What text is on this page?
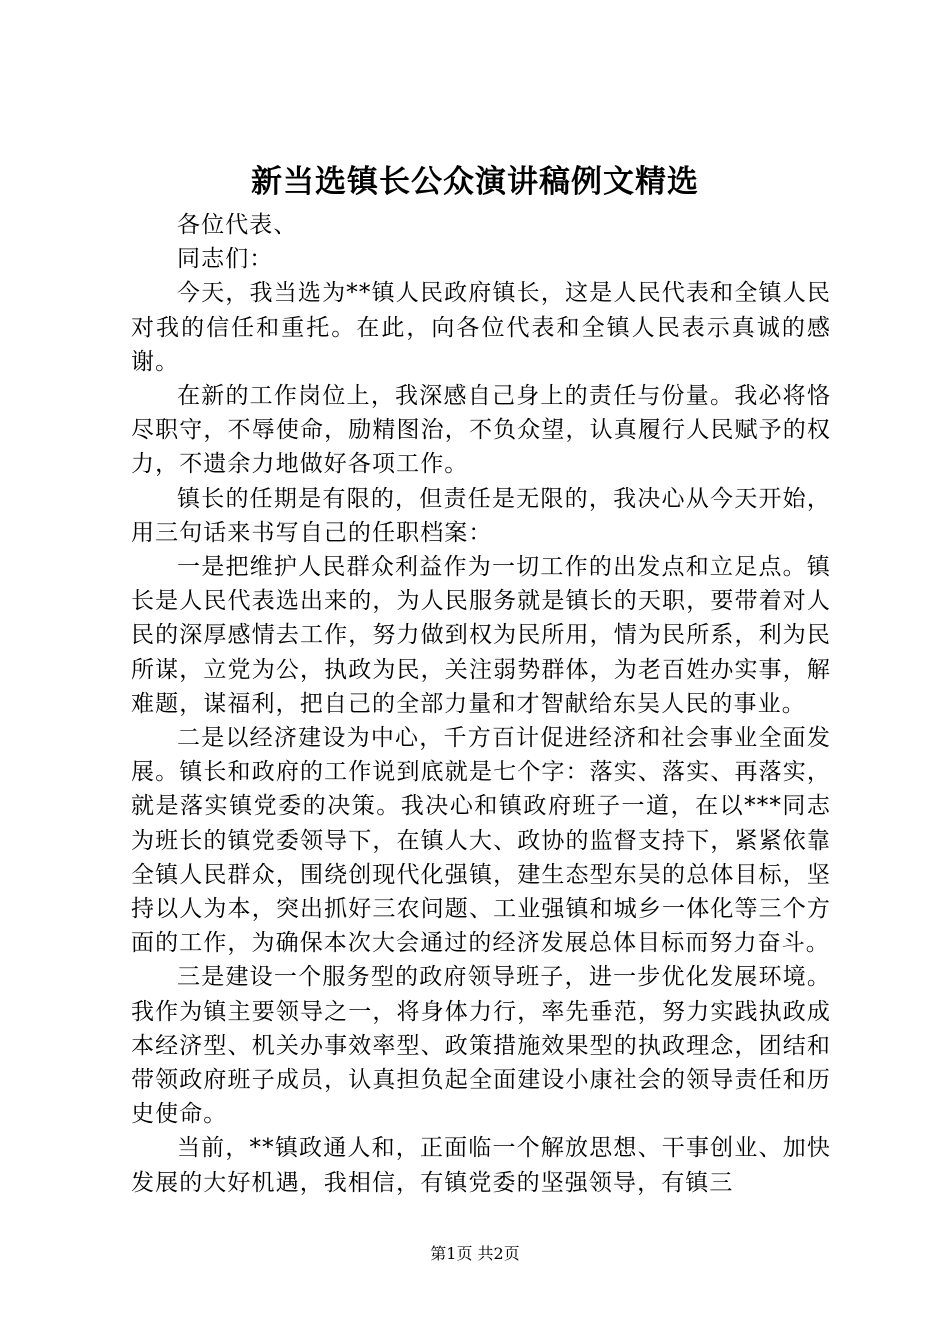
新当选镇长公众演讲稿例文精选

各位代表、

同志们：

今天，我当选为**镇人民政府镇长，这是人民代表和全镇人民对我的信任和重托。在此，向各位代表和全镇人民表示真诚的感谢。

在新的工作岗位上，我深感自己身上的责任与份量。我必将恪尽职守，不辱使命，励精图治，不负众望，认真履行人民赋予的权力，不遗余力地做好各项工作。

镇长的任期是有限的，但责任是无限的，我决心从今天开始，用三句话来书写自己的任职档案：

一是把维护人民群众利益作为一切工作的出发点和立足点。镇长是人民代表选出来的，为人民服务就是镇长的天职，要带着对人民的深厚感情去工作，努力做到权为民所用，情为民所系，利为民所谋，立党为公，执政为民，关注弱势群体，为老百姓办实事，解难题，谋福利，把自己的全部力量和才智献给东吴人民的事业。

二是以经济建设为中心，千方百计促进经济和社会事业全面发展。镇长和政府的工作说到底就是七个字：落实、落实、再落实，就是落实镇党委的决策。我决心和镇政府班子一道，在以***同志为班长的镇党委领导下，在镇人大、政协的监督支持下，紧紧依靠全镇人民群众，围绕创现代化强镇，建生态型东吴的总体目标，坚持以人为本，突出抓好三农问题、工业强镇和城乡一体化等三个方面的工作，为确保本次大会通过的经济发展总体目标而努力奋斗。

三是建设一个服务型的政府领导班子，进一步优化发展环境。我作为镇主要领导之一，将身体力行，率先垂范，努力实践执政成本经济型、机关办事效率型、政策措施效果型的执政理念，团结和带领政府班子成员，认真担负起全面建设小康社会的领导责任和历史使命。

当前，**镇政通人和，正面临一个解放思想、干事创业、加快发展的大好机遇，我相信，有镇党委的坚强领导，有镇三

第1页 共2页
